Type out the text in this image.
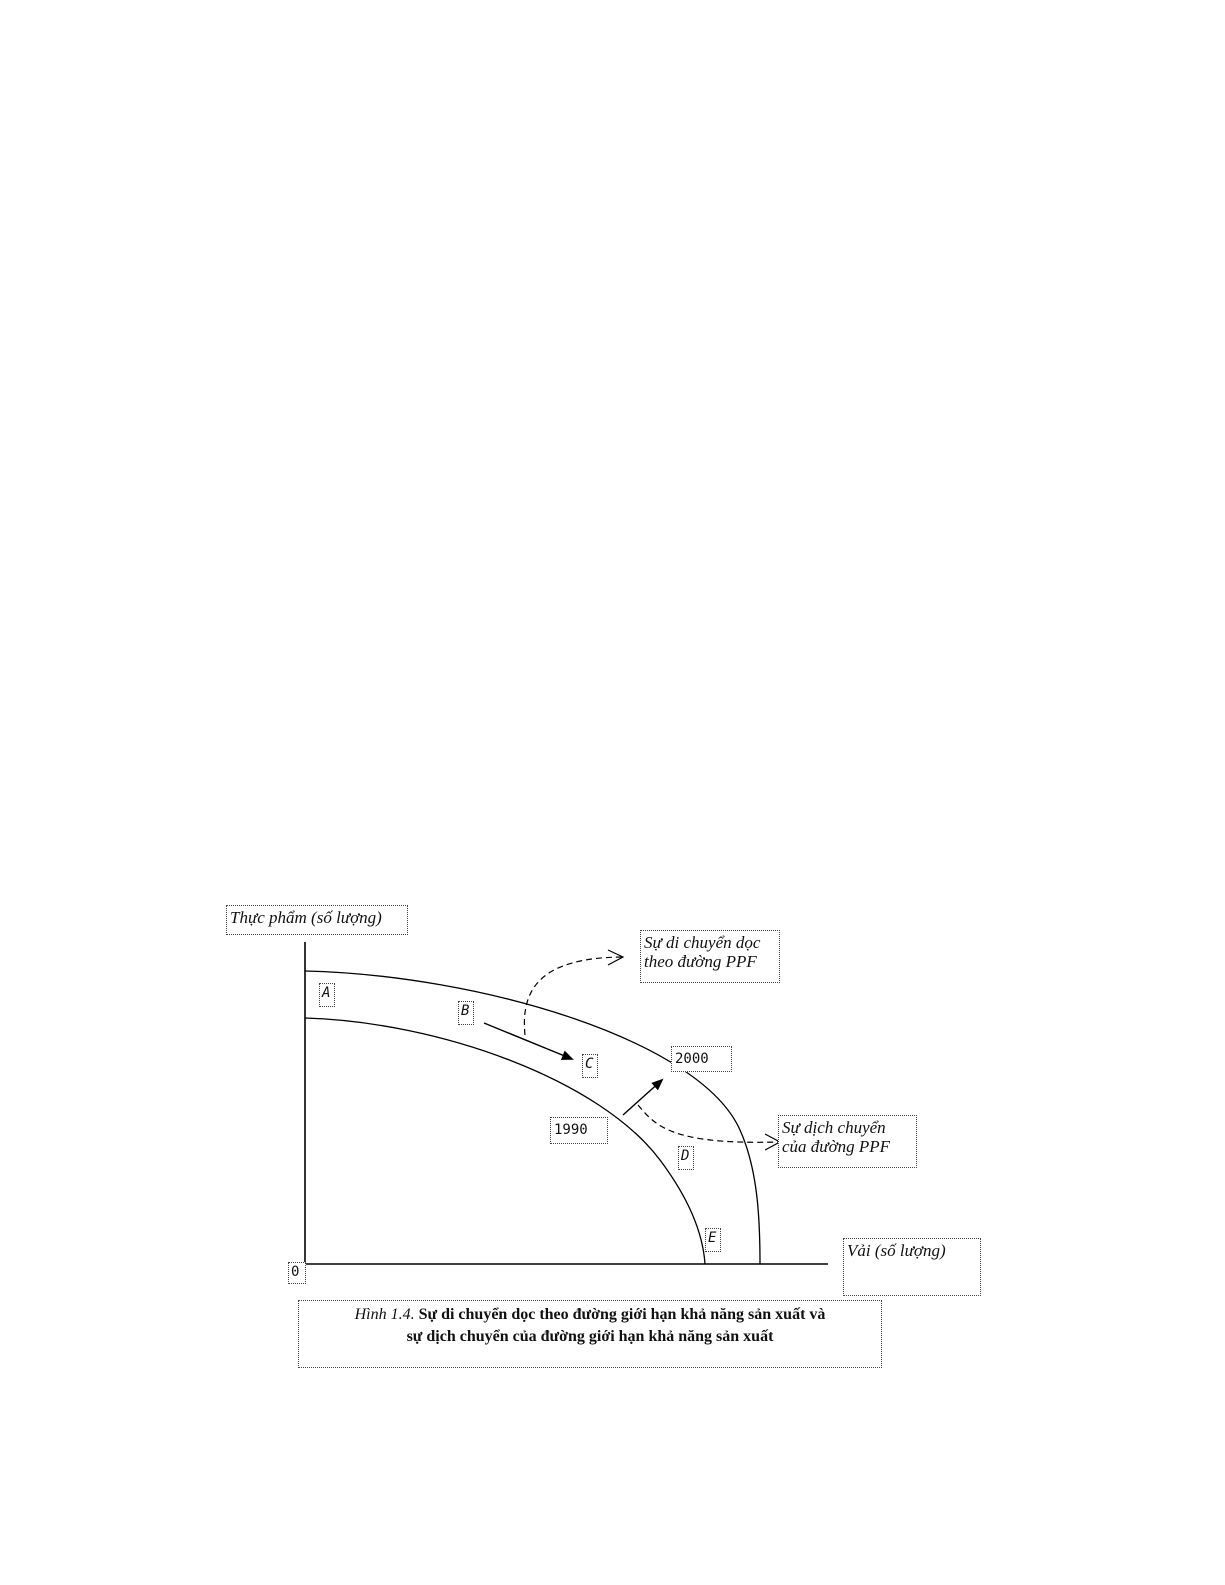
Thực phẩm (số lượng)
Vải (số lượng)
0
A
B
C
D
E
2000
1990
Sự di chuyển dọc
theo đường PPF
Sự dịch chuyển
của đường PPF
Hình 1.4. Sự di chuyển dọc theo đường giới hạn khả năng sản xuất và
sự dịch chuyển của đường giới hạn khả năng sản xuất
